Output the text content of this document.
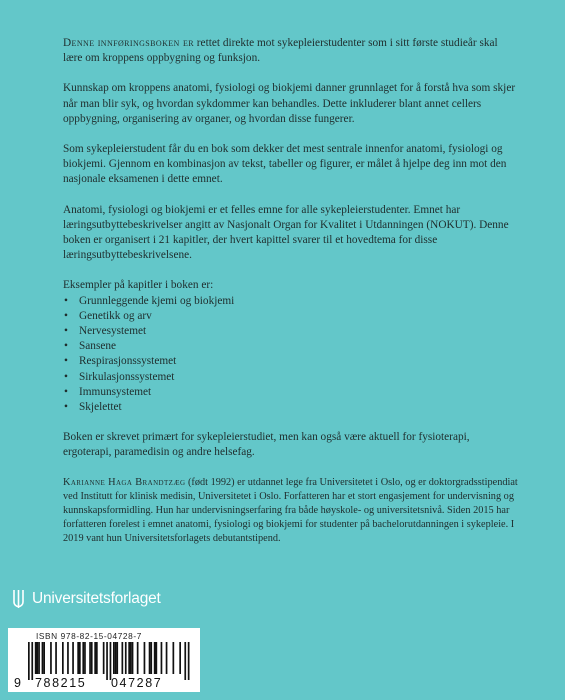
Denne innføringsboken er rettet direkte mot sykepleierstudenter som i sitt første studieår skal lære om kroppens oppbygning og funksjon.

Kunnskap om kroppens anatomi, fysiologi og biokjemi danner grunnlaget for å forstå hva som skjer når man blir syk, og hvordan sykdommer kan behandles. Dette inkluderer blant annet cellers oppbygning, organisering av organer, og hvordan disse fungerer.

Som sykepleierstudent får du en bok som dekker det mest sentrale innenfor anatomi, fysiologi og biokjemi. Gjennom en kombinasjon av tekst, tabeller og figurer, er målet å hjelpe deg inn mot den nasjonale eksamenen i dette emnet.

Anatomi, fysiologi og biokjemi er et felles emne for alle sykepleierstudenter. Emnet har læringsutbyttebeskrivelser angitt av Nasjonalt Organ for Kvalitet i Utdanningen (NOKUT). Denne boken er organisert i 21 kapitler, der hvert kapittel svarer til et hovedtema for disse læringsutbyttebeskrivelsene.

Eksempler på kapitler i boken er:
• Grunnleggende kjemi og biokjemi
• Genetikk og arv
• Nervesystemet
• Sansene
• Respirasjonssystemet
• Sirkulasjonssystemet
• Immunsystemet
• Skjelettet

Boken er skrevet primært for sykepleierstudiet, men kan også være aktuell for fysioterapi, ergoterapi, paramedisin og andre helsefag.

Karianne Haga Brandtzæg (født 1992) er utdannet lege fra Universitetet i Oslo, og er doktorgradsstipendiat ved Institutt for klinisk medisin, Universitetet i Oslo. Forfatteren har et stort engasjement for undervisning og kunnskapsformidling. Hun har undervisningserfaring fra både høyskole- og universitetsnivå. Siden 2015 har forfatteren forelest i emnet anatomi, fysiologi og biokjemi for studenter på bachelorutdanningen i sykepleie. I 2019 vant hun Universitetsforlagets debutantstipend.

Universitetsforlaget
ISBN 978-82-15-04728-7
9 788215 047287
